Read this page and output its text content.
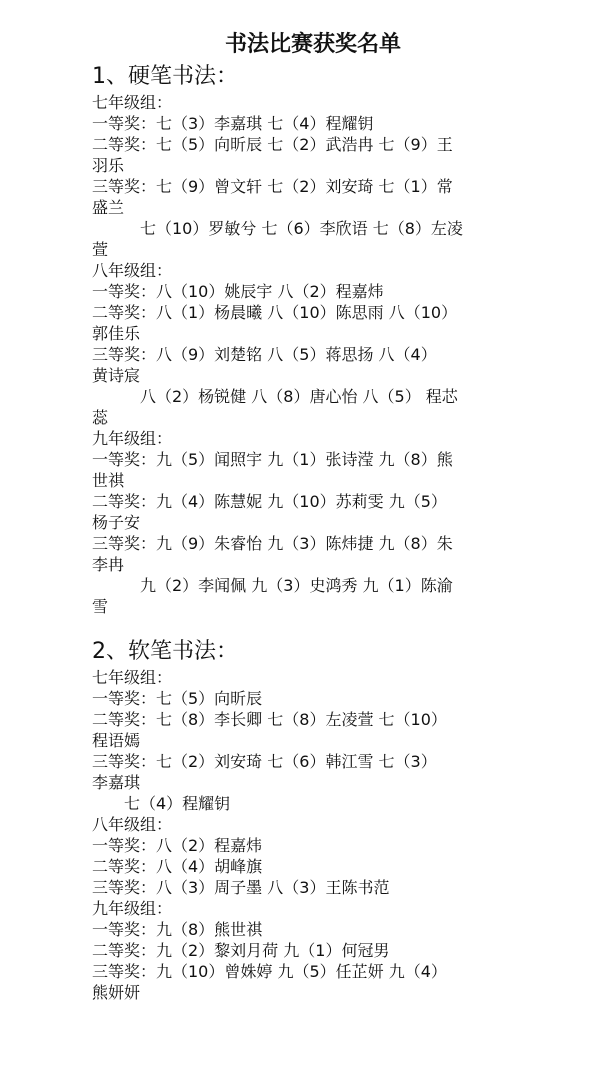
书法比赛获奖名单
1、硬笔书法：
七年级组：
一等奖：七（3）李嘉琪 七（4）程耀钥
二等奖：七（5）向昕辰 七（2）武浩冉 七（9）王
羽乐
三等奖：七（9）曾文轩 七（2）刘安琦 七（1）常
盛兰
七（10）罗敏兮 七（6）李欣语 七（8）左凌
萱
八年级组：
一等奖：八（10）姚辰宇 八（2）程嘉炜
二等奖：八（1）杨晨曦 八（10）陈思雨 八（10）
郭佳乐
三等奖：八（9）刘楚铭 八（5）蒋思扬 八（4）
黄诗宸
八（2）杨锐健 八（8）唐心怡 八（5） 程芯
蕊
九年级组：
一等奖：九（5）闻照宇 九（1）张诗滢 九（8）熊
世祺
二等奖：九（4）陈慧妮 九（10）苏莉雯 九（5）
杨子安
三等奖：九（9）朱睿怡 九（3）陈炜捷 九（8）朱
李冉
九（2）李闻佩 九（3）史鸿秀 九（1）陈渝
雪
2、软笔书法：
七年级组：
一等奖：七（5）向昕辰
二等奖：七（8）李长卿 七（8）左凌萱 七（10）
程语嫣
三等奖：七（2）刘安琦 七（6）韩江雪 七（3）
李嘉琪
七（4）程耀钥
八年级组：
一等奖：八（2）程嘉炜
二等奖：八（4）胡峰旗
三等奖：八（3）周子墨 八（3）王陈书范
九年级组：
一等奖：九（8）熊世祺
二等奖：九（2）黎刘月荷 九（1）何冠男
三等奖：九（10）曾姝婷 九（5）任芷妍 九（4）
熊妍妍
